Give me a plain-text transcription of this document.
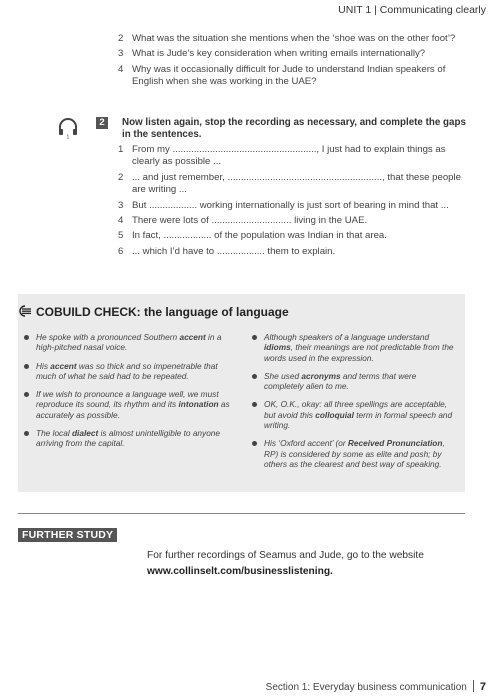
UNIT 1 | Communicating clearly
2 What was the situation she mentions when the ‘shoe was on the other foot’?
3 What is Jude’s key consideration when writing emails internationally?
4 Why was it occasionally difficult for Jude to understand Indian speakers of English when she was working in the UAE?
1
2	Now listen again, stop the recording as necessary, and complete the gaps in the sentences.
1 From my ......................................................, I just had to explain things as clearly as possible ...
2 ... and just remember, .........................................................., that these people are writing ...
3 But .................. working internationally is just sort of bearing in mind that ...
4 There were lots of .............................. living in the UAE.
5 In fact, .................. of the population was Indian in that area.
6 ... which I’d have to .................. them to explain.
COBUILD CHECK: the language of language
He spoke with a pronounced Southern accent in a high-pitched nasal voice.
His accent was so thick and so impenetrable that much of what he said had to be repeated.
If we wish to pronounce a language well, we must reproduce its sound, its rhythm and its intonation as accurately as possible.
The local dialect is almost unintelligible to anyone arriving from the capital.
Although speakers of a language understand idioms, their meanings are not predictable from the words used in the expression.
She used acronyms and terms that were completely alien to me.
OK, O.K., okay: all three spellings are acceptable, but avoid this colloquial term in formal speech and writing.
His ‘Oxford accent’ (or Received Pronunciation, RP) is considered by some as elite and posh; by others as the clearest and best way of speaking.
FURTHER STUDY
For further recordings of Seamus and Jude, go to the website
www.collinselt.com/businesslistening.
Section 1: Everyday business communication 7
